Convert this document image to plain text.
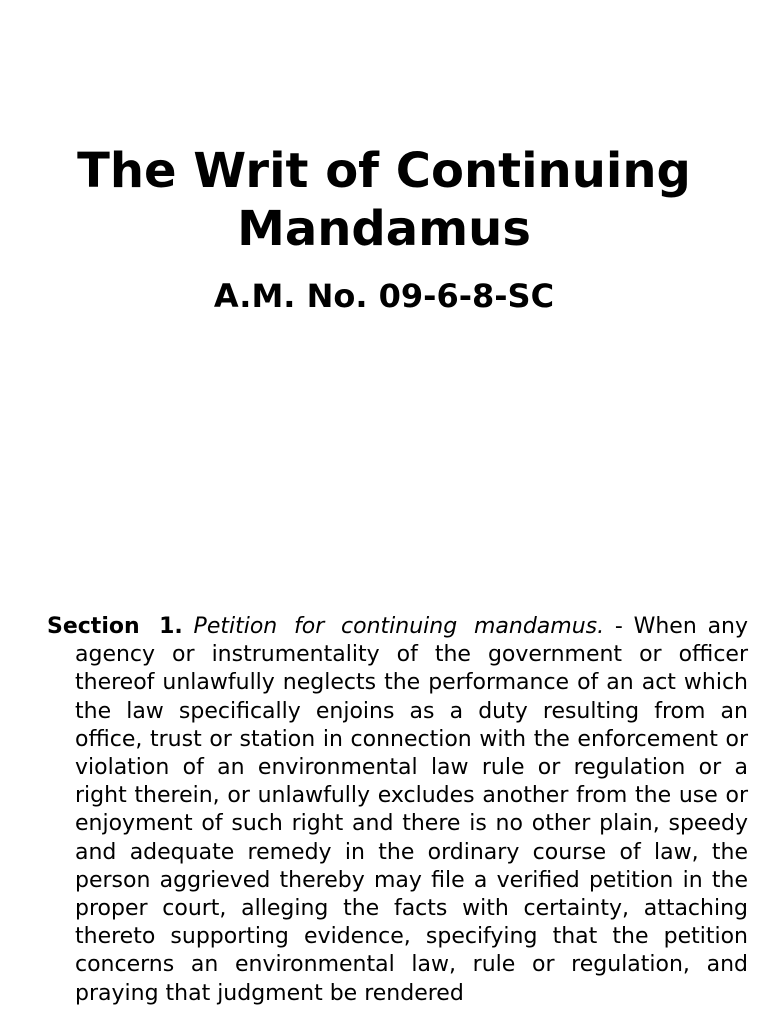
The Writ of Continuing Mandamus
A.M. No. 09-6-8-SC

Section 1. Petition for continuing mandamus. - When any agency or instrumentality of the government or officer thereof unlawfully neglects the performance of an act which the law specifically enjoins as a duty resulting from an office, trust or station in connection with the enforcement or violation of an environmental law rule or regulation or a right therein, or unlawfully excludes another from the use or enjoyment of such right and there is no other plain, speedy and adequate remedy in the ordinary course of law, the person aggrieved thereby may file a verified petition in the proper court, alleging the facts with certainty, attaching thereto supporting evidence, specifying that the petition concerns an environmental law, rule or regulation, and praying that judgment be rendered
